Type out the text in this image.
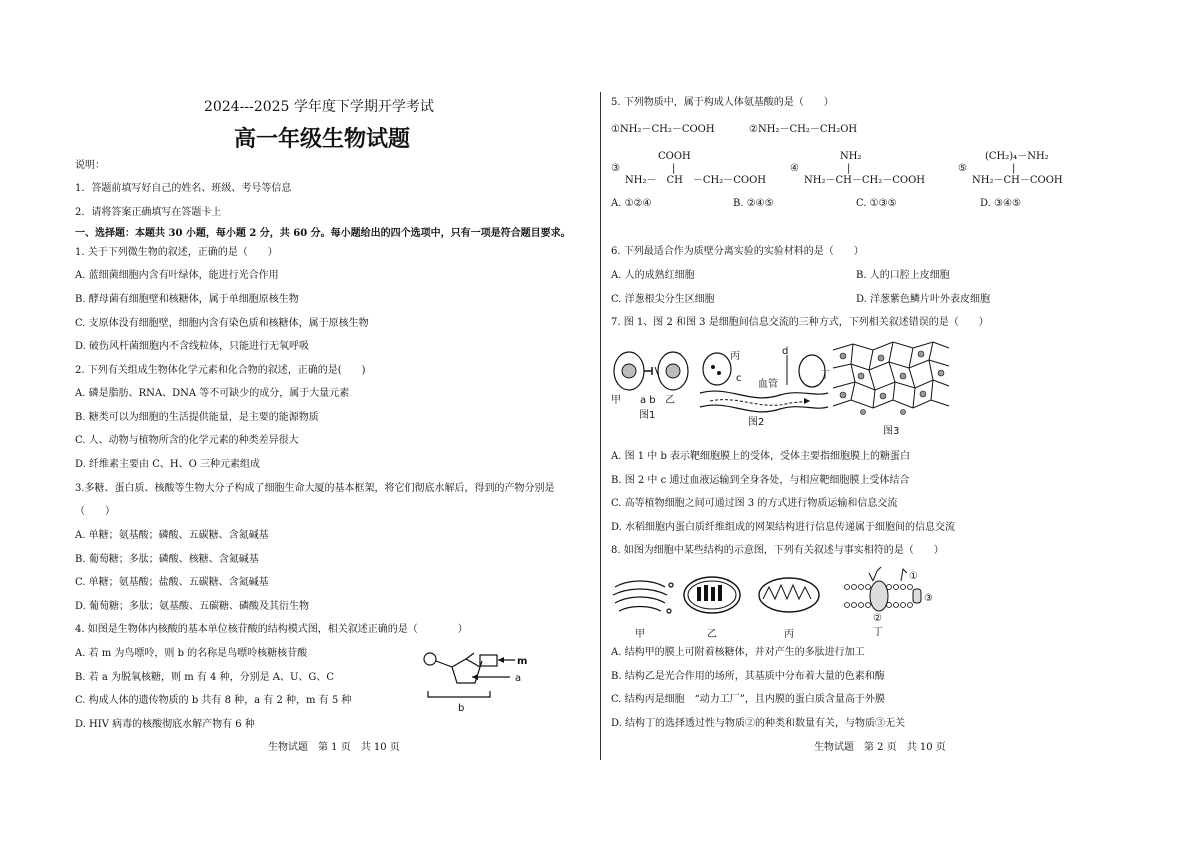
2024---2025 学年度下学期开学考试
高一年级生物试题
说明：
1．答题前填写好自己的姓名、班级、考号等信息
2．请将答案正确填写在答题卡上
一、选择题：本题共 30 小题，每小题 2 分，共 60 分。每小题给出的四个选项中，只有一项是符合题目要求。
1. 关于下列微生物的叙述，正确的是（　　）
A. 蓝细菌细胞内含有叶绿体，能进行光合作用
B. 酵母菌有细胞壁和核糖体，属于单细胞原核生物
C. 支原体没有细胞壁，细胞内含有染色质和核糖体，属于原核生物
D. 破伤风杆菌细胞内不含线粒体，只能进行无氧呼吸
2. 下列有关组成生物体化学元素和化合物的叙述，正确的是(　　)
A. 磷是脂肪、RNA、DNA 等不可缺少的成分，属于大量元素
B. 糖类可以为细胞的生活提供能量，是主要的能源物质
C. 人、动物与植物所含的化学元素的种类差异很大
D. 纤维素主要由 C、H、O 三种元素组成
3.多糖、蛋白质、核酸等生物大分子构成了细胞生命大厦的基本框架，将它们彻底水解后，得到的产物分别是
（　　）
A. 单糖；氨基酸；磷酸、五碳糖、含氮碱基
B. 葡萄糖；多肽；磷酸、核糖、含氮碱基
C. 单糖；氨基酸；盐酸、五碳糖、含氮碱基
D. 葡萄糖；多肽；氨基酸、五碳糖、磷酸及其衍生物
4. 如图是生物体内核酸的基本单位核苷酸的结构模式图，相关叙述正确的是（　　　　）
A. 若 m 为鸟嘌呤，则 b 的名称是鸟嘌呤核糖核苷酸
B. 若 a 为脱氧核糖，则 m 有 4 种，分别是 A、U、G、C
C. 构成人体的遗传物质的 b 共有 8 种，a 有 2 种，m 有 5 种
D. HIV 病毒的核酸彻底水解产物有 6 种
m
a
b
生物试题　第 1 页　共 10 页
5. 下列物质中，属于构成人体氨基酸的是（　　）
①NH₂－CH₂－COOH	②NH₂－CH₂－CH₂OH
COOH
|
③
NH₂－　CH　－CH₂－COOH
NH₂
|
④
NH₂－CH－CH₂－COOH
(CH₂)₄－NH₂
|
⑤
NH₂－CH－COOH
A. ①②④	B. ②④⑤	C. ①③⑤	D. ③④⑤
6. 下列最适合作为质壁分离实验的实验材料的是（　　）
A. 人的成熟红细胞	B. 人的口腔上皮细胞
C. 洋葱根尖分生区细胞	D. 洋葱紫色鳞片叶外表皮细胞
7. 图 1、图 2 和图 3 是细胞间信息交流的三种方式，下列相关叙述错误的是（　　）
甲 a b 乙
图1
丙
c
d
血管
丁
图2
图3
A. 图 1 中 b 表示靶细胞膜上的受体，受体主要指细胞膜上的糖蛋白
B. 图 2 中 c 通过血液运输到全身各处，与相应靶细胞膜上受体结合
C. 高等植物细胞之间可通过图 3 的方式进行物质运输和信息交流
D. 水稻细胞内蛋白质纤维组成的网架结构进行信息传递属于细胞间的信息交流
8. 如图为细胞中某些结构的示意图，下列有关叙述与事实相符的是（　　）
①
②
③
甲	乙	丙	丁
A. 结构甲的膜上可附着核糖体，并对产生的多肽进行加工
B. 结构乙是光合作用的场所，其基质中分布着大量的色素和酶
C. 结构丙是细胞　“动力工厂”，且内膜的蛋白质含量高于外膜
D. 结构丁的选择透过性与物质②的种类和数量有关，与物质③无关
生物试题　第 2 页　共 10 页
